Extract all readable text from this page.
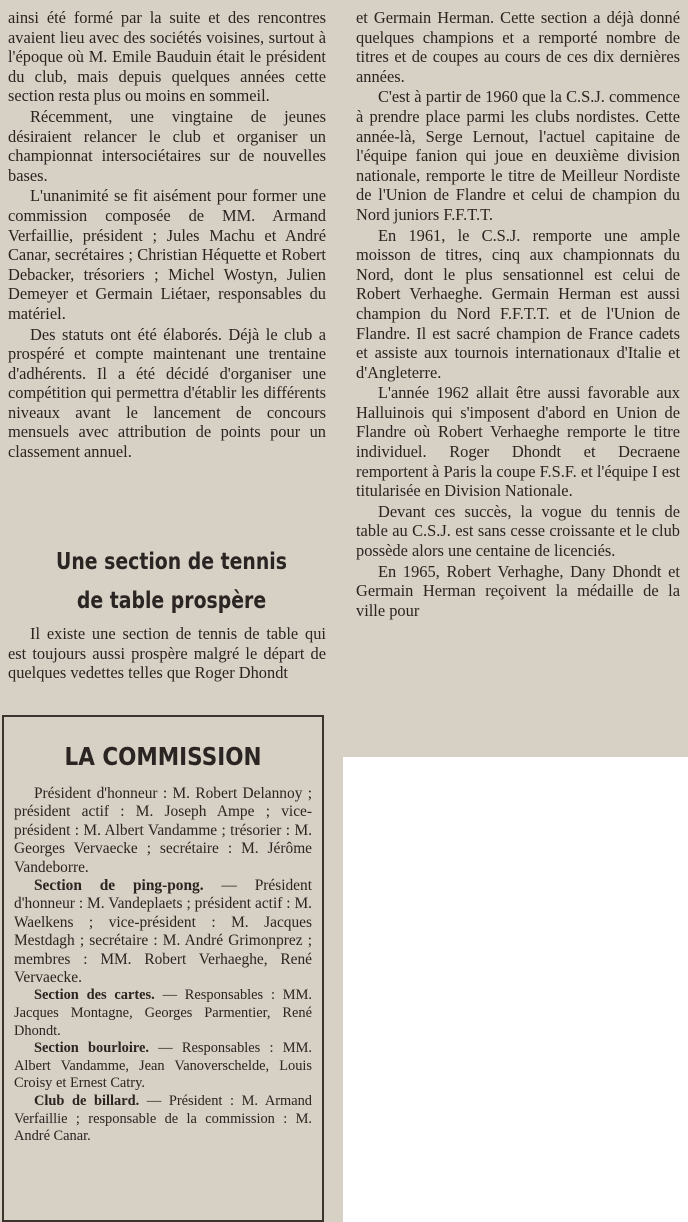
ainsi été formé par la suite et des rencontres avaient lieu avec des sociétés voisines, surtout à l'époque où M. Emile Bauduin était le président du club, mais depuis quelques années cette section resta plus ou moins en sommeil.

Récemment, une vingtaine de jeunes désiraient relancer le club et organiser un championnat intersociétaires sur de nouvelles bases.

L'unanimité se fit aisément pour former une commission composée de MM. Armand Verfaillie, président ; Jules Machu et André Canar, secrétaires ; Christian Héquette et Robert Debacker, trésoriers ; Michel Wostyn, Julien Demeyer et Germain Liétaer, responsables du matériel.

Des statuts ont été élaborés. Déjà le club a prospéré et compte maintenant une trentaine d'adhérents. Il a été décidé d'organiser une compétition qui permettra d'établir les différents niveaux avant le lancement de concours mensuels avec attribution de points pour un classement annuel.

Une section de tennis
de table prospère

Il existe une section de tennis de table qui est toujours aussi prospère malgré le départ de quelques vedettes telles que Roger Dhondt

et Germain Herman. Cette section a déjà donné quelques champions et a remporté nombre de titres et de coupes au cours de ces dix dernières années.

C'est à partir de 1960 que la C.S.J. commence à prendre place parmi les clubs nordistes. Cette année-là, Serge Lernout, l'actuel capitaine de l'équipe fanion qui joue en deuxième division nationale, remporte le titre de Meilleur Nordiste de l'Union de Flandre et celui de champion du Nord juniors F.F.T.T.

En 1961, le C.S.J. remporte une ample moisson de titres, cinq aux championnats du Nord, dont le plus sensationnel est celui de Robert Verhaeghe. Germain Herman est aussi champion du Nord F.F.T.T. et de l'Union de Flandre. Il est sacré champion de France cadets et assiste aux tournois internationaux d'Italie et d'Angleterre.

L'année 1962 allait être aussi favorable aux Halluinois qui s'imposent d'abord en Union de Flandre où Robert Verhaeghe remporte le titre individuel. Roger Dhondt et Decraene remportent à Paris la coupe F.S.F. et l'équipe I est titularisée en Division Nationale.

Devant ces succès, la vogue du tennis de table au C.S.J. est sans cesse croissante et le club possède alors une centaine de licenciés.

En 1965, Robert Verhaghe, Dany Dhondt et Germain Herman reçoivent la médaille de la ville pour

LA COMMISSION

Président d'honneur : M. Robert Delannoy ; président actif : M. Joseph Ampe ; vice-président : M. Albert Vandamme ; trésorier : M. Georges Vervaecke ; secrétaire : M. Jérôme Vandeborre.

Section de ping-pong. — Président d'honneur : M. Vandeplaets ; président actif : M. Waelkens ; vice-président : M. Jacques Mestdagh ; secrétaire : M. André Grimonprez ; membres : MM. Robert Verhaeghe, René Vervaecke.

Section des cartes. — Responsables : MM. Jacques Montagne, Georges Parmentier, René Dhondt.

Section bourloire. — Responsables : MM. Albert Vandamme, Jean Vanoverschelde, Louis Croisy et Ernest Catry.

Club de billard. — Président : M. Armand Verfaillie ; responsable de la commission : M. André Canar.
